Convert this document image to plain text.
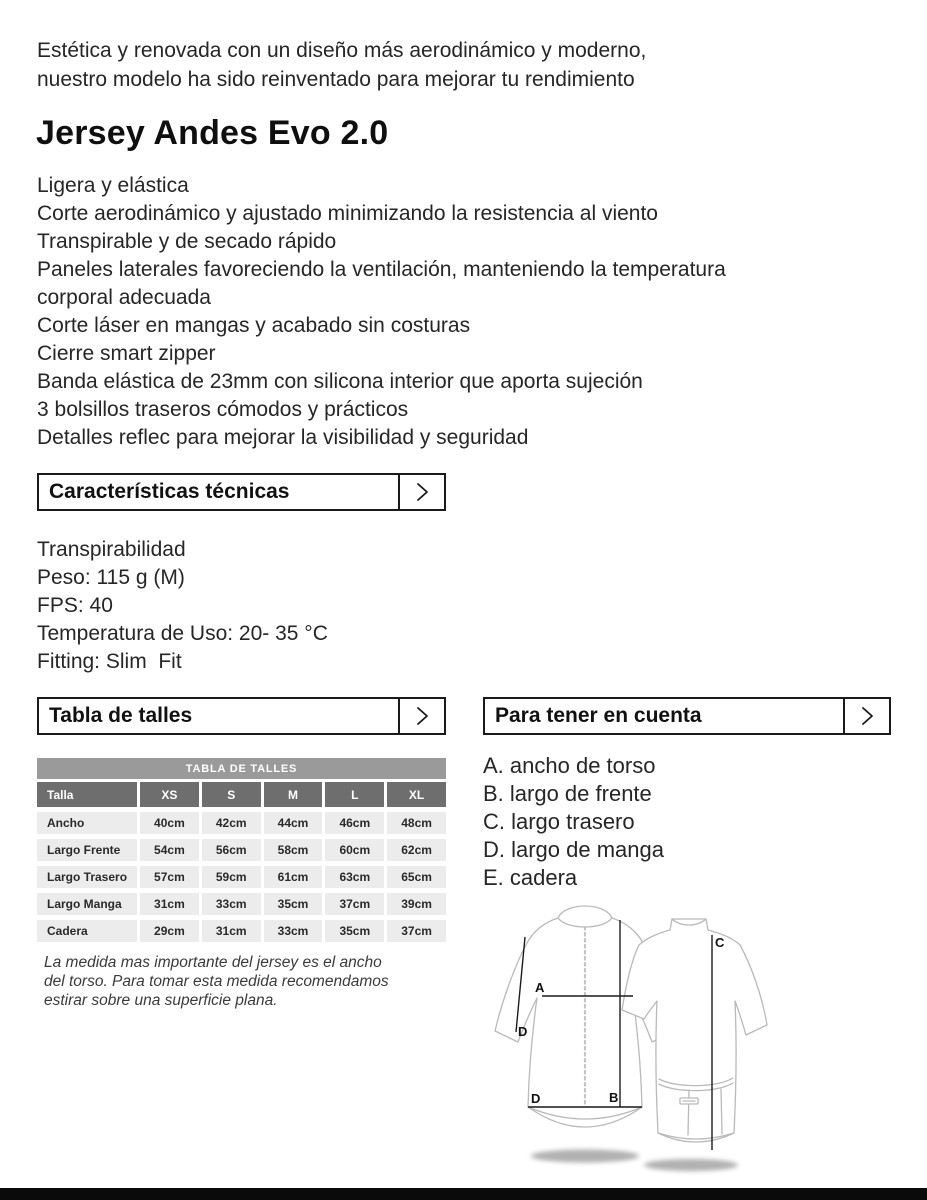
Estética y renovada con un diseño más aerodinámico y moderno,
nuestro modelo ha sido reinventado para mejorar tu rendimiento
Jersey Andes Evo 2.0
Ligera y elástica
Corte aerodinámico y ajustado minimizando la resistencia al viento
Transpirable y de secado rápido
Paneles laterales favoreciendo la ventilación, manteniendo la temperatura corporal adecuada
Corte láser en mangas y acabado sin costuras
Cierre smart zipper
Banda elástica de 23mm con silicona interior que aporta sujeción
3 bolsillos traseros cómodos y prácticos
Detalles reflec para mejorar la visibilidad y seguridad
Características técnicas
Transpirabilidad
Peso: 115 g (M)
FPS: 40
Temperatura de Uso: 20- 35 °C
Fitting: Slim  Fit
Tabla de talles
TABLA DE TALLES
Talla	XS	S	M	L	XL
Ancho	40cm	42cm	44cm	46cm	48cm
Largo Frente	54cm	56cm	58cm	60cm	62cm
Largo Trasero	57cm	59cm	61cm	63cm	65cm
Largo Manga	31cm	33cm	35cm	37cm	39cm
Cadera	29cm	31cm	33cm	35cm	37cm
La medida mas importante del jersey es el ancho del torso. Para tomar esta medida recomendamos estirar sobre una superficie plana.
Para tener en cuenta
A. ancho de torso
B. largo de frente
C. largo trasero
D. largo de manga
E. cadera
A
B
C
D
D
